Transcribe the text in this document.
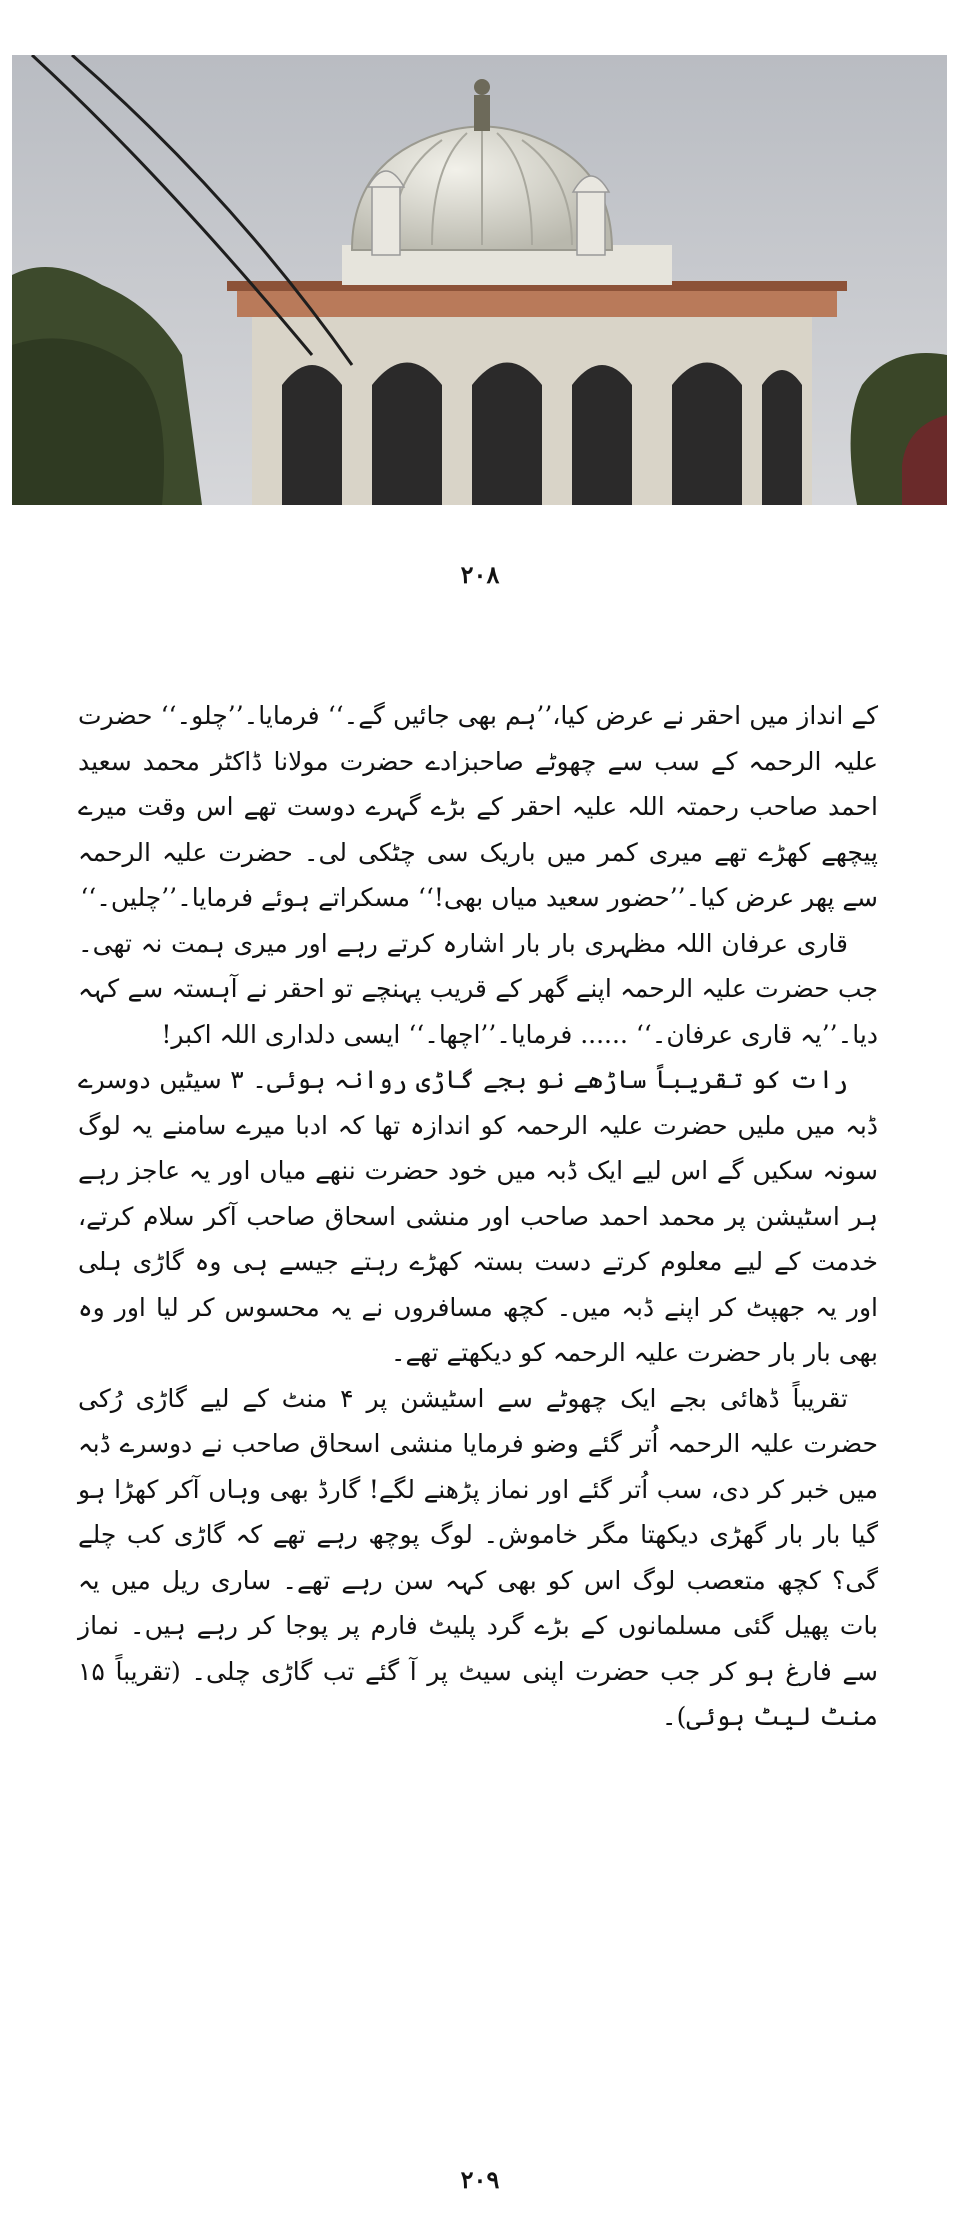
۲۰۸

کے انداز میں احقر نے عرض کیا،’’ہم بھی جائیں گے۔‘‘ فرمایا۔’’چلو۔‘‘ حضرت علیہ الرحمہ کے سب سے چھوٹے صاحبزادے حضرت مولانا ڈاکٹر محمد سعید احمد صاحب رحمتہ اللہ علیہ احقر کے بڑے گہرے دوست تھے اس وقت میرے پیچھے کھڑے تھے میری کمر میں باریک سی چٹکی لی۔ حضرت علیہ الرحمہ سے پھر عرض کیا۔’’حضور سعید میاں بھی!‘‘ مسکراتے ہوئے فرمایا۔’’چلیں۔‘‘

قاری عرفان اللہ مظہری بار بار اشارہ کرتے رہے اور میری ہمت نہ تھی۔ جب حضرت علیہ الرحمہ اپنے گھر کے قریب پہنچے تو احقر نے آہستہ سے کہہ دیا۔’’یہ قاری عرفان۔‘‘ ...... فرمایا۔’’اچھا۔‘‘ ایسی دلداری اللہ اکبر!

رات کو تقریباً ساڑھے نو بجے گاڑی روانہ ہوئی۔ ۳ سیٹیں دوسرے ڈبہ میں ملیں حضرت علیہ الرحمہ کو اندازہ تھا کہ ادبا میرے سامنے یہ لوگ سونہ سکیں گے اس لیے ایک ڈبہ میں خود حضرت ننھے میاں اور یہ عاجز رہے ہر اسٹیشن پر محمد احمد صاحب اور منشی اسحاق صاحب آکر سلام کرتے، خدمت کے لیے معلوم کرتے دست بستہ کھڑے رہتے جیسے ہی وہ گاڑی ہلی اور یہ جھپٹ کر اپنے ڈبہ میں۔ کچھ مسافروں نے یہ محسوس کر لیا اور وہ بھی بار بار حضرت علیہ الرحمہ کو دیکھتے تھے۔

تقریباً ڈھائی بجے ایک چھوٹے سے اسٹیشن پر ۴ منٹ کے لیے گاڑی رُکی حضرت علیہ الرحمہ اُتر گئے وضو فرمایا منشی اسحاق صاحب نے دوسرے ڈبہ میں خبر کر دی، سب اُتر گئے اور نماز پڑھنے لگے! گارڈ بھی وہاں آکر کھڑا ہو گیا بار بار گھڑی دیکھتا مگر خاموش۔ لوگ پوچھ رہے تھے کہ گاڑی کب چلے گی؟ کچھ متعصب لوگ اس کو بھی کہہ سن رہے تھے۔ ساری ریل میں یہ بات پھیل گئی مسلمانوں کے بڑے گرد پلیٹ فارم پر پوجا کر رہے ہیں۔ نماز سے فارغ ہو کر جب حضرت اپنی سیٹ پر آ گئے تب گاڑی چلی۔ (تقریباً ۱۵ منٹ لیٹ ہوئی)۔

۲۰۹
